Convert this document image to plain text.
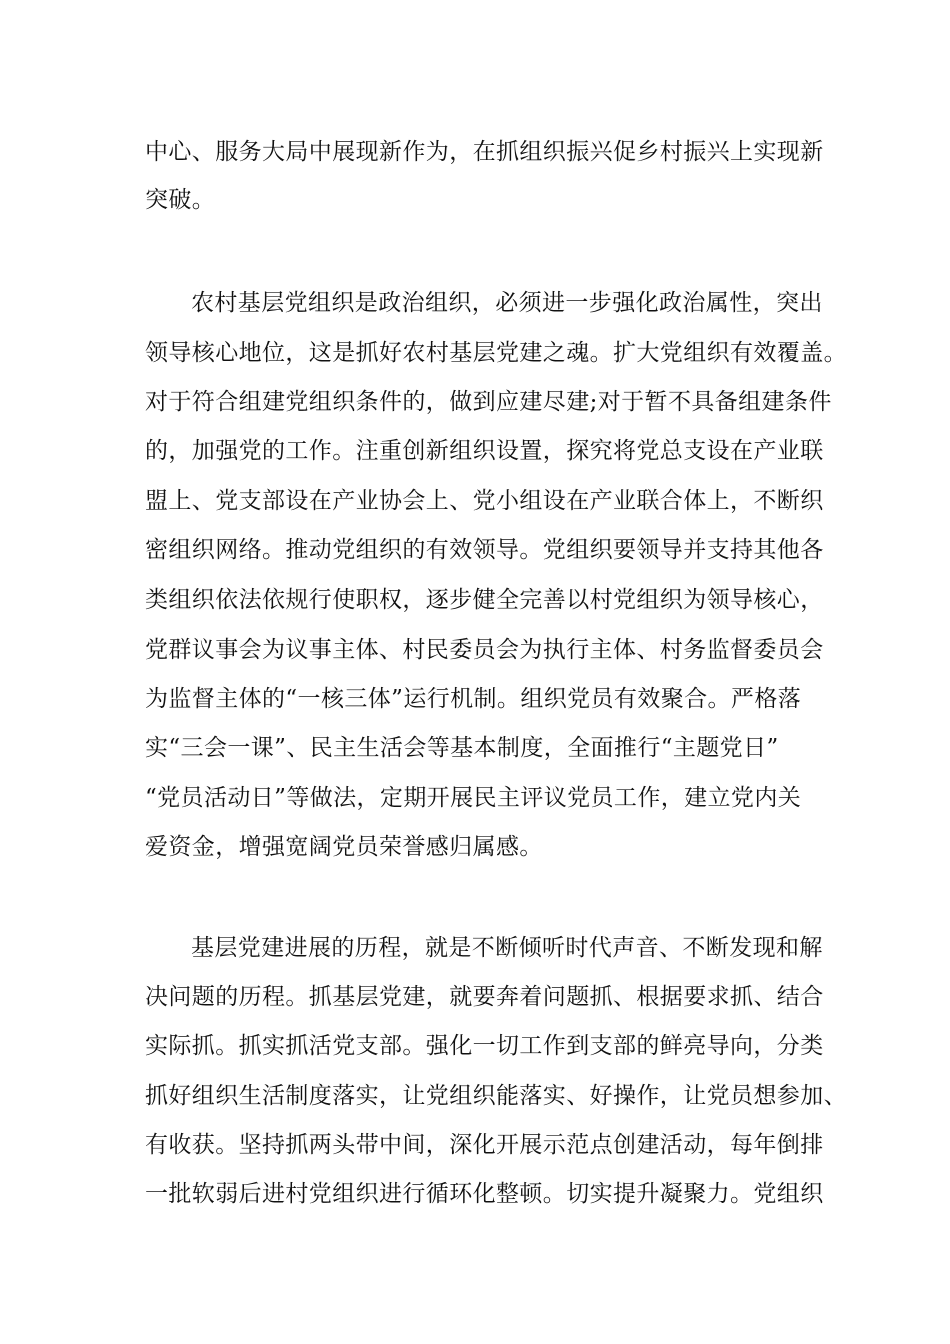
中心、服务大局中展现新作为，在抓组织振兴促乡村振兴上实现新
突破。
农村基层党组织是政治组织，必须进一步强化政治属性，突出
领导核心地位，这是抓好农村基层党建之魂。扩大党组织有效覆盖。
对于符合组建党组织条件的，做到应建尽建;对于暂不具备组建条件
的，加强党的工作。注重创新组织设置，探究将党总支设在产业联
盟上、党支部设在产业协会上、党小组设在产业联合体上，不断织
密组织网络。推动党组织的有效领导。党组织要领导并支持其他各
类组织依法依规行使职权，逐步健全完善以村党组织为领导核心，
党群议事会为议事主体、村民委员会为执行主体、村务监督委员会
为监督主体的“一核三体”运行机制。组织党员有效聚合。严格落
实“三会一课”、民主生活会等基本制度，全面推行“主题党日”
“党员活动日”等做法，定期开展民主评议党员工作，建立党内关
爱资金，增强宽阔党员荣誉感归属感。
基层党建进展的历程，就是不断倾听时代声音、不断发现和解
决问题的历程。抓基层党建，就要奔着问题抓、根据要求抓、结合
实际抓。抓实抓活党支部。强化一切工作到支部的鲜亮导向，分类
抓好组织生活制度落实，让党组织能落实、好操作，让党员想参加、
有收获。坚持抓两头带中间，深化开展示范点创建活动，每年倒排
一批软弱后进村党组织进行循环化整顿。切实提升凝聚力。党组织
